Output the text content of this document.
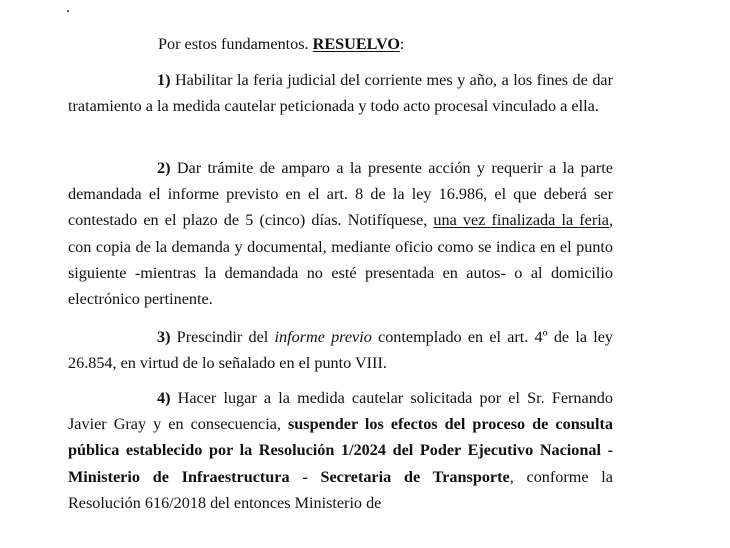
.
Por estos fundamentos. RESUELVO:

1) Habilitar la feria judicial del corriente mes y año, a los fines de dar tratamiento a la medida cautelar peticionada y todo acto procesal vinculado a ella.

2) Dar trámite de amparo a la presente acción y requerir a la parte demandada el informe previsto en el art. 8 de la ley 16.986, el que deberá ser contestado en el plazo de 5 (cinco) días. Notifíquese, una vez finalizada la feria, con copia de la demanda y documental, mediante oficio como se indica en el punto siguiente -mientras la demandada no esté presentada en autos- o al domicilio electrónico pertinente.

3) Prescindir del informe previo contemplado en el art. 4º de la ley 26.854, en virtud de lo señalado en el punto VIII.

4) Hacer lugar a la medida cautelar solicitada por el Sr. Fernando Javier Gray y en consecuencia, suspender los efectos del proceso de consulta pública establecido por la Resolución 1/2024 del Poder Ejecutivo Nacional - Ministerio de Infraestructura - Secretaria de Transporte, conforme la Resolución 616/2018 del entonces Ministerio de
